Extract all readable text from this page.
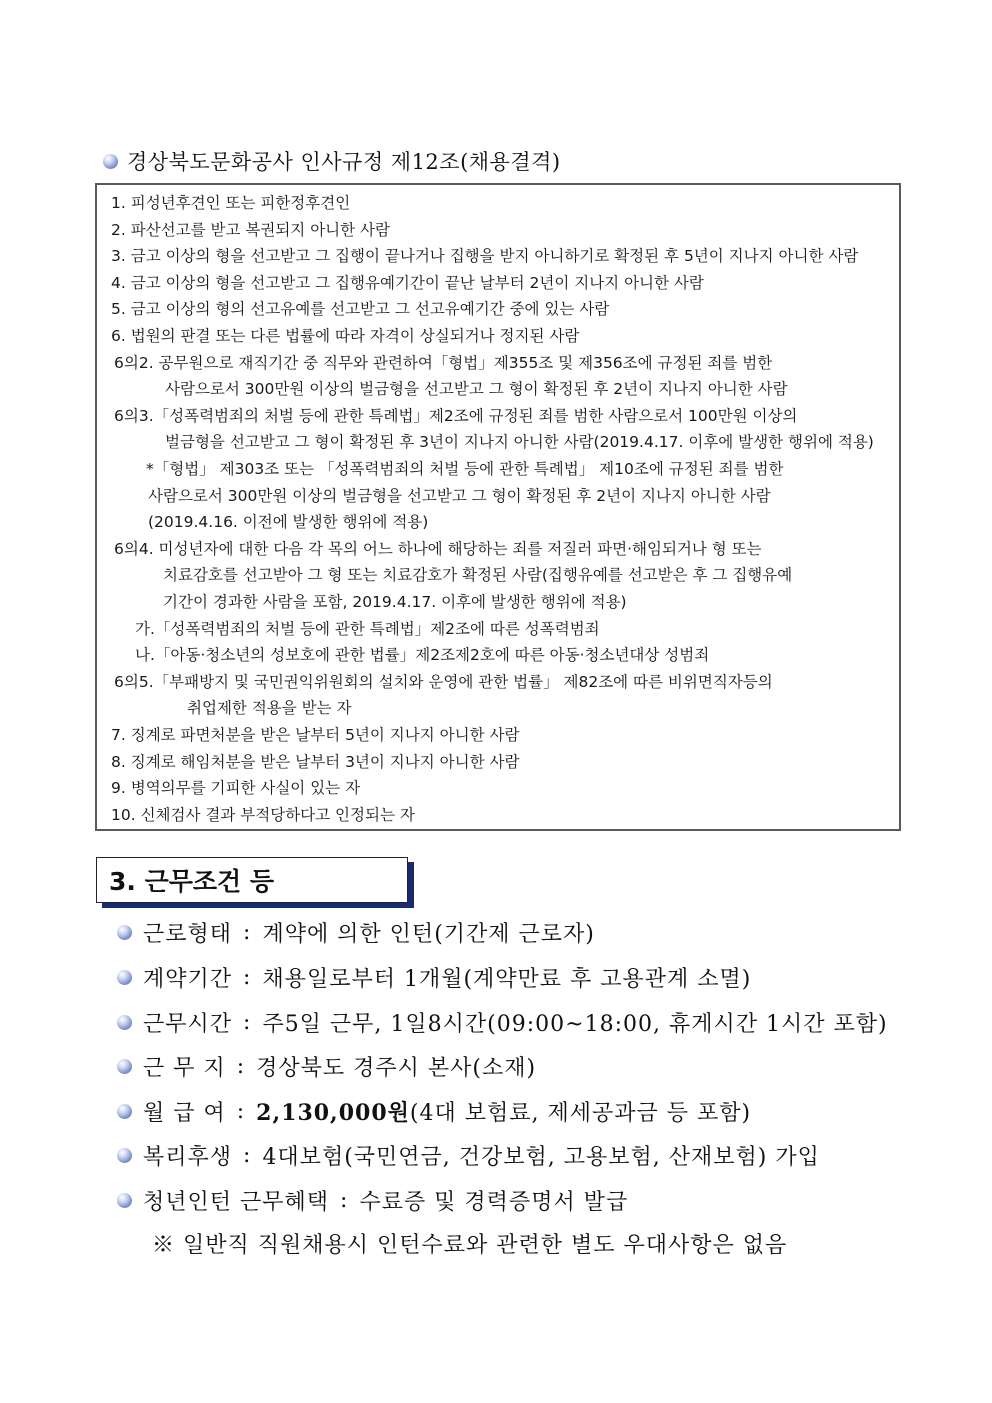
경상북도문화공사 인사규정 제12조(채용결격)
1. 피성년후견인 또는 피한정후견인
2. 파산선고를 받고 복권되지 아니한 사람
3. 금고 이상의 형을 선고받고 그 집행이 끝나거나 집행을 받지 아니하기로 확정된 후 5년이 지나지 아니한 사람
4. 금고 이상의 형을 선고받고 그 집행유예기간이 끝난 날부터 2년이 지나지 아니한 사람
5. 금고 이상의 형의 선고유예를 선고받고 그 선고유예기간 중에 있는 사람
6. 법원의 판결 또는 다른 법률에 따라 자격이 상실되거나 정지된 사람
6의2. 공무원으로 재직기간 중 직무와 관련하여「형법」제355조 및 제356조에 규정된 죄를 범한
사람으로서 300만원 이상의 벌금형을 선고받고 그 형이 확정된 후 2년이 지나지 아니한 사람
6의3.「성폭력범죄의 처벌 등에 관한 특례법」제2조에 규정된 죄를 범한 사람으로서 100만원 이상의
벌금형을 선고받고 그 형이 확정된 후 3년이 지나지 아니한 사람(2019.4.17. 이후에 발생한 행위에 적용)
*「형법」 제303조 또는 「성폭력범죄의 처벌 등에 관한 특례법」 제10조에 규정된 죄를 범한
사람으로서 300만원 이상의 벌금형을 선고받고 그 형이 확정된 후 2년이 지나지 아니한 사람
(2019.4.16. 이전에 발생한 행위에 적용)
6의4. 미성년자에 대한 다음 각 목의 어느 하나에 해당하는 죄를 저질러 파면·해임되거나 형 또는
치료감호를 선고받아 그 형 또는 치료감호가 확정된 사람(집행유예를 선고받은 후 그 집행유예
기간이 경과한 사람을 포함, 2019.4.17. 이후에 발생한 행위에 적용)
가.「성폭력범죄의 처벌 등에 관한 특례법」제2조에 따른 성폭력범죄
나.「아동·청소년의 성보호에 관한 법률」제2조제2호에 따른 아동·청소년대상 성범죄
6의5.「부패방지 및 국민권익위원회의 설치와 운영에 관한 법률」 제82조에 따른 비위면직자등의
취업제한 적용을 받는 자
7. 징계로 파면처분을 받은 날부터 5년이 지나지 아니한 사람
8. 징계로 해임처분을 받은 날부터 3년이 지나지 아니한 사람
9. 병역의무를 기피한 사실이 있는 자
10. 신체검사 결과 부적당하다고 인정되는 자
3. 근무조건 등
근로형태 : 계약에 의한 인턴(기간제 근로자)
계약기간 : 채용일로부터 1개월(계약만료 후 고용관계 소멸)
근무시간 : 주5일 근무, 1일8시간(09:00~18:00, 휴게시간 1시간 포함)
근 무 지 : 경상북도 경주시 본사(소재)
월 급 여 : 2,130,000원(4대 보험료, 제세공과금 등 포함)
복리후생 : 4대보험(국민연금, 건강보험, 고용보험, 산재보험) 가입
청년인턴 근무혜택 : 수료증 및 경력증명서 발급
※ 일반직 직원채용시 인턴수료와 관련한 별도 우대사항은 없음
